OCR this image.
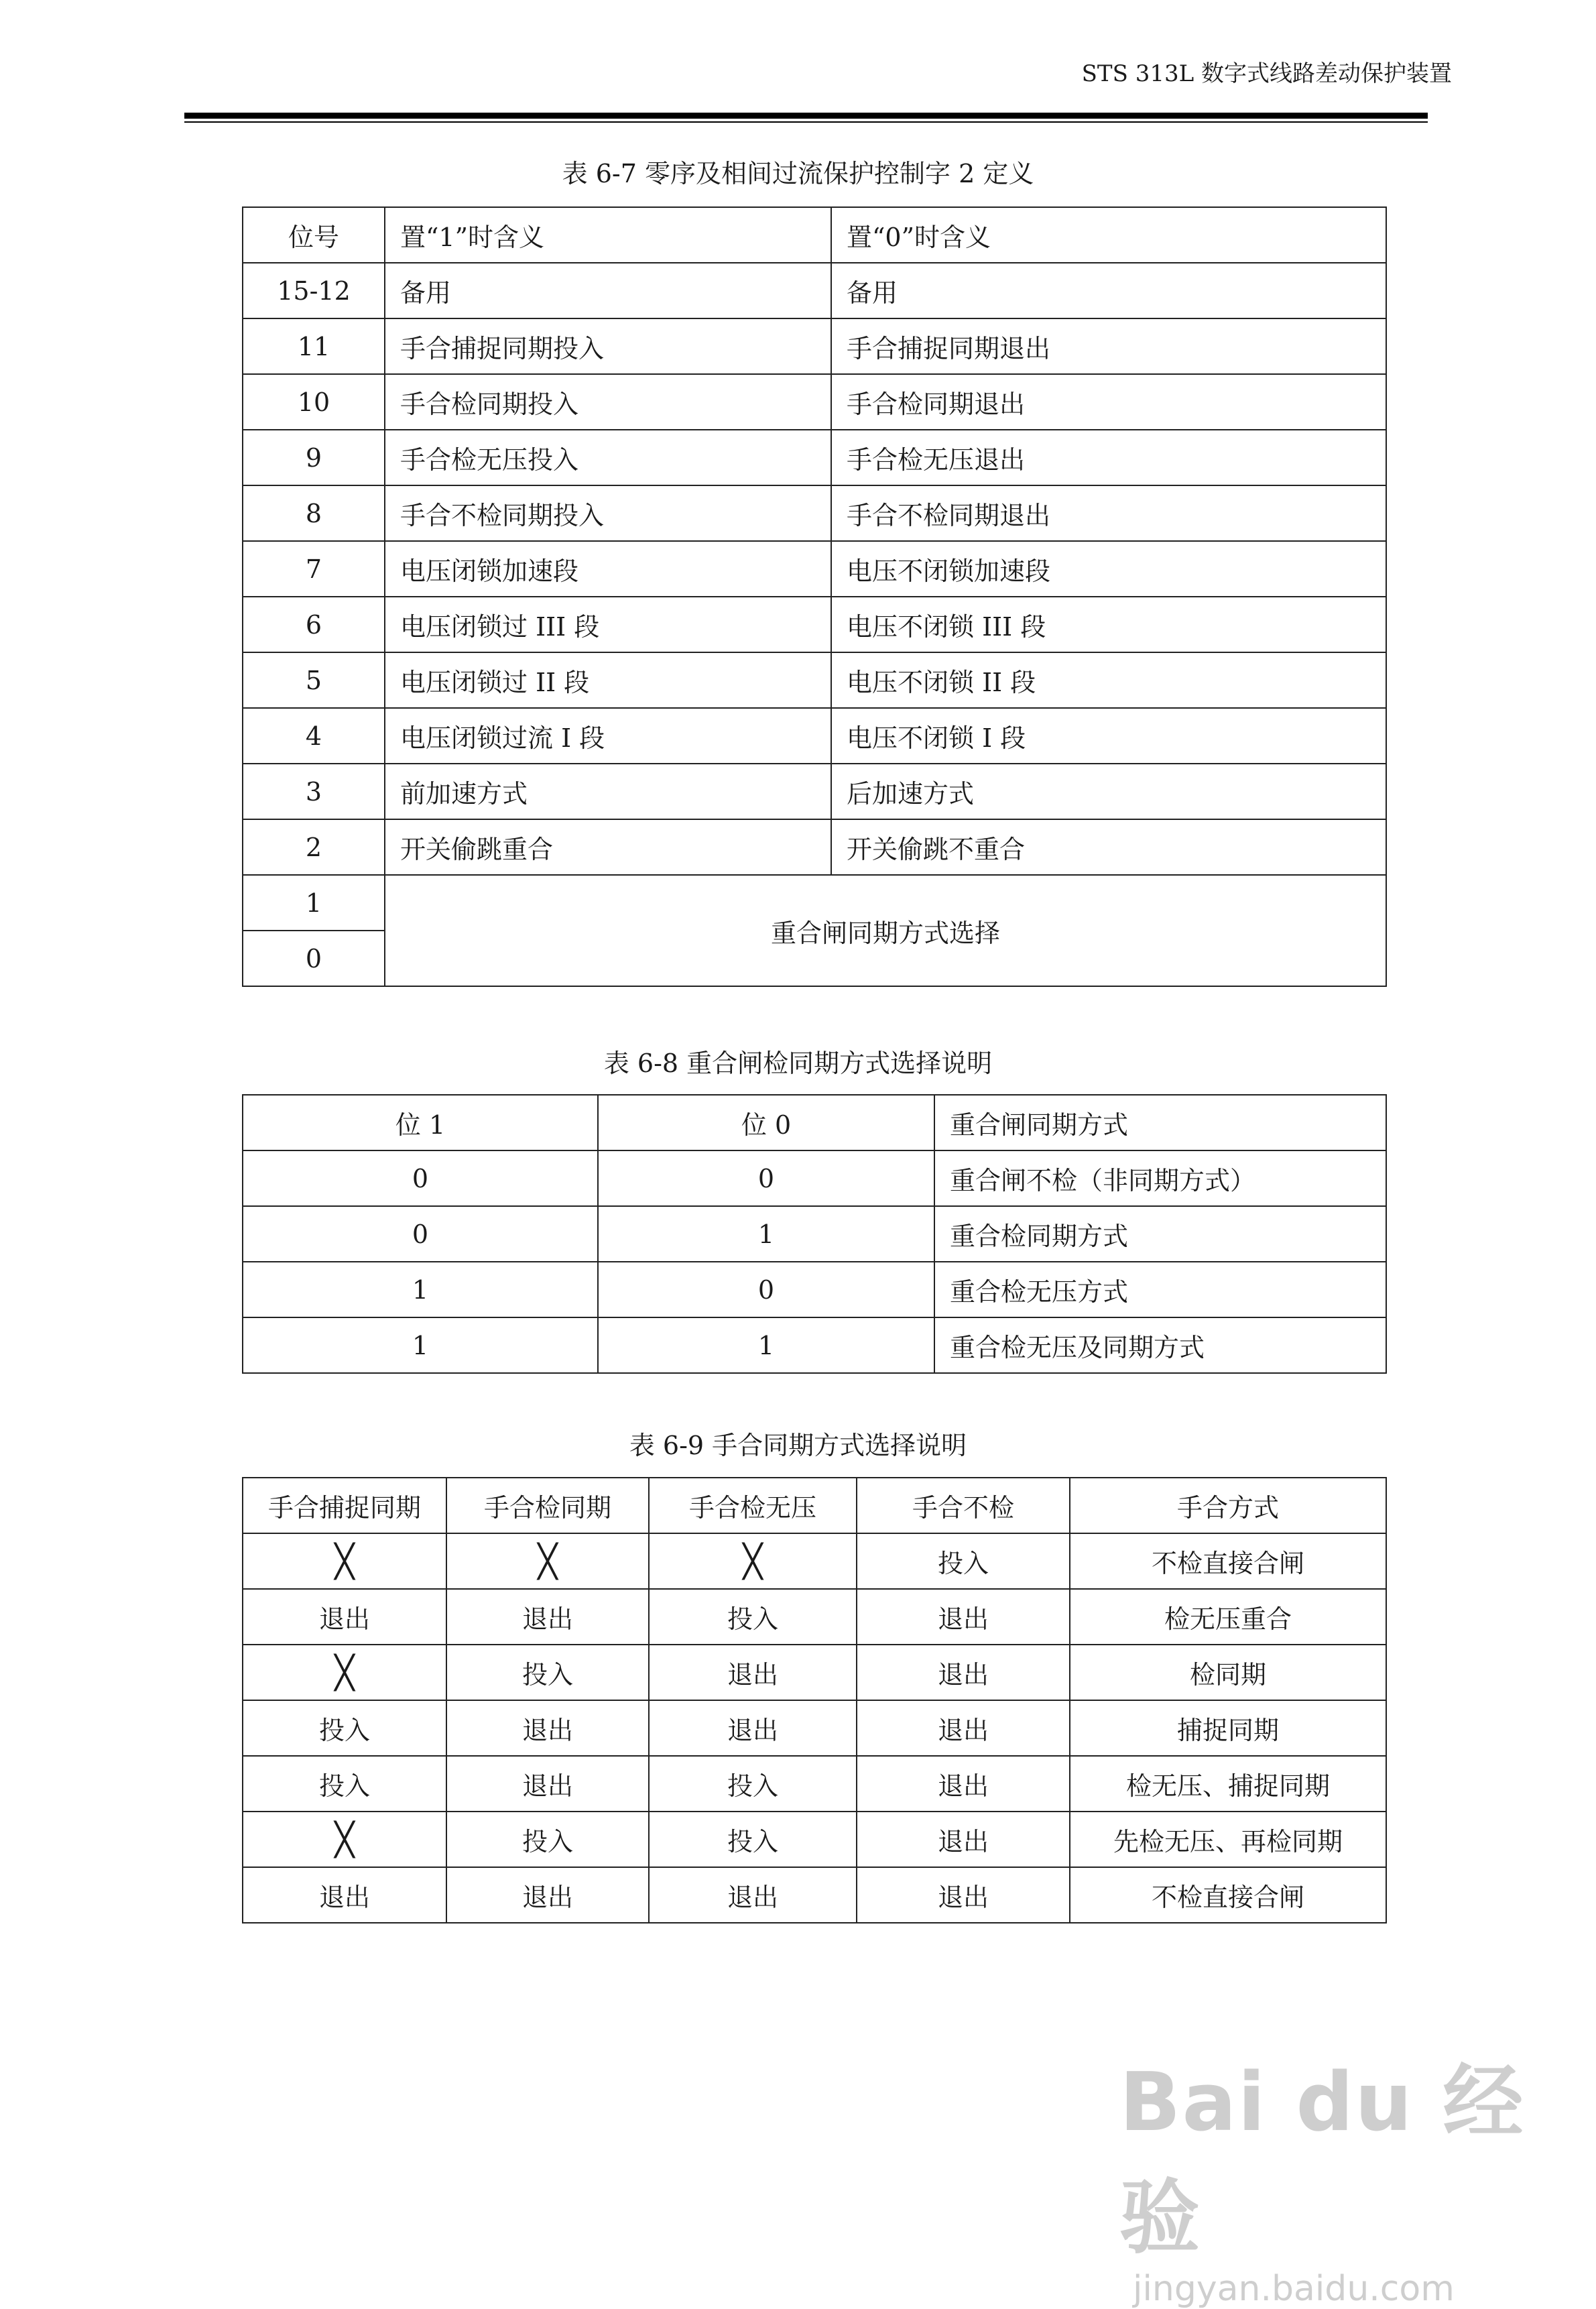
STS 313L 数字式线路差动保护装置
表 6-7 零序及相间过流保护控制字 2 定义
位号	置“1”时含义	置“0”时含义
15-12	备用	备用
11	手合捕捉同期投入	手合捕捉同期退出
10	手合检同期投入	手合检同期退出
9	手合检无压投入	手合检无压退出
8	手合不检同期投入	手合不检同期退出
7	电压闭锁加速段	电压不闭锁加速段
6	电压闭锁过 III 段	电压不闭锁 III 段
5	电压闭锁过 II 段	电压不闭锁 II 段
4	电压闭锁过流 I 段	电压不闭锁 I 段
3	前加速方式	后加速方式
2	开关偷跳重合	开关偷跳不重合
1	重合闸同期方式选择	
0		
表 6-8 重合闸检同期方式选择说明
位 1	位 0	重合闸同期方式
0	0	重合闸不检（非同期方式）
0	1	重合检同期方式
1	0	重合检无压方式
1	1	重合检无压及同期方式
表 6-9 手合同期方式选择说明
手合捕捉同期	手合检同期	手合检无压	手合不检	手合方式
╳	╳	╳	投入	不检直接合闸
退出	退出	投入	退出	检无压重合
╳	投入	退出	退出	检同期
投入	退出	退出	退出	捕捉同期
投入	退出	投入	退出	检无压、捕捉同期
╳	投入	投入	退出	先检无压、再检同期
退出	退出	退出	退出	不检直接合闸
Bai du 经验
jingyan.baidu.com
